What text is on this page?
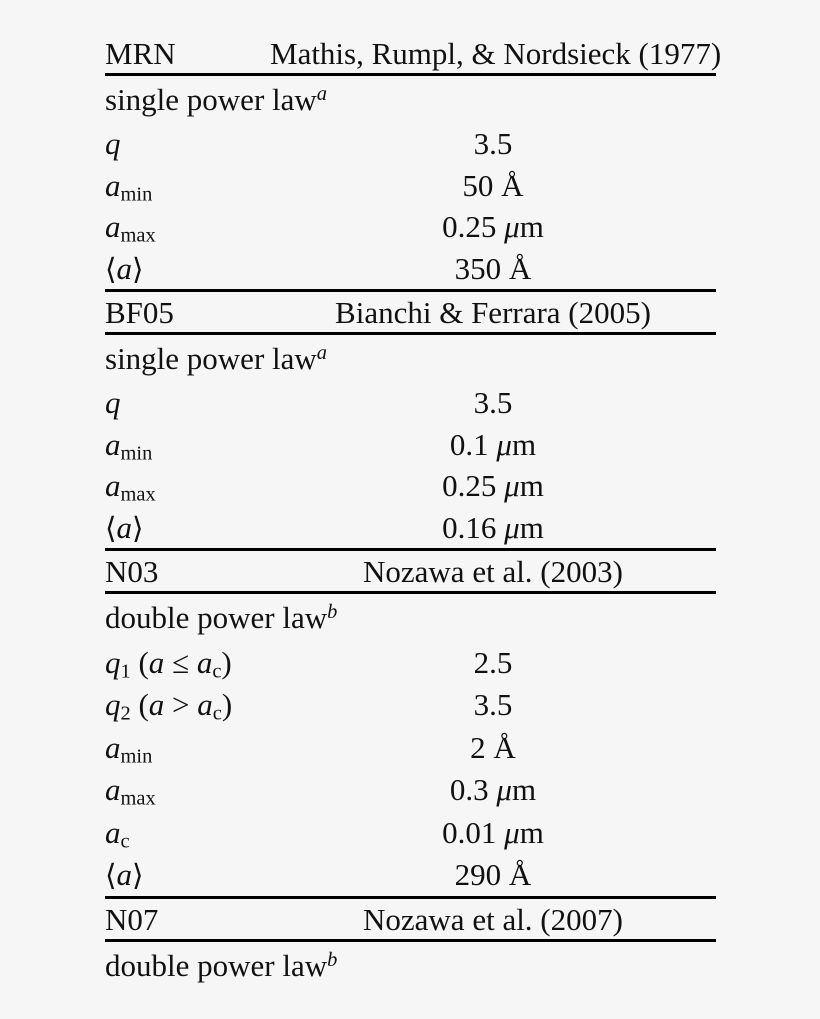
MRN	Mathis, Rumpl, & Nordsieck (1977)
single power law$^a$
q	3.5
$a_{min}$	50 Å
$a_{max}$	0.25 μm
⟨a⟩	350 Å
BF05	Bianchi & Ferrara (2005)
single power law$^a$
q	3.5
$a_{min}$	0.1 μm
$a_{max}$	0.25 μm
⟨a⟩	0.16 μm
N03	Nozawa et al. (2003)
double power law$^b$
$q_1$ $(a \le a_c)$	2.5
$q_2$ $(a > a_c)$	3.5
$a_{min}$	2 Å
$a_{max}$	0.3 μm
$a_c$	0.01 μm
⟨a⟩	290 Å
N07	Nozawa et al. (2007)
double power law$^b$
